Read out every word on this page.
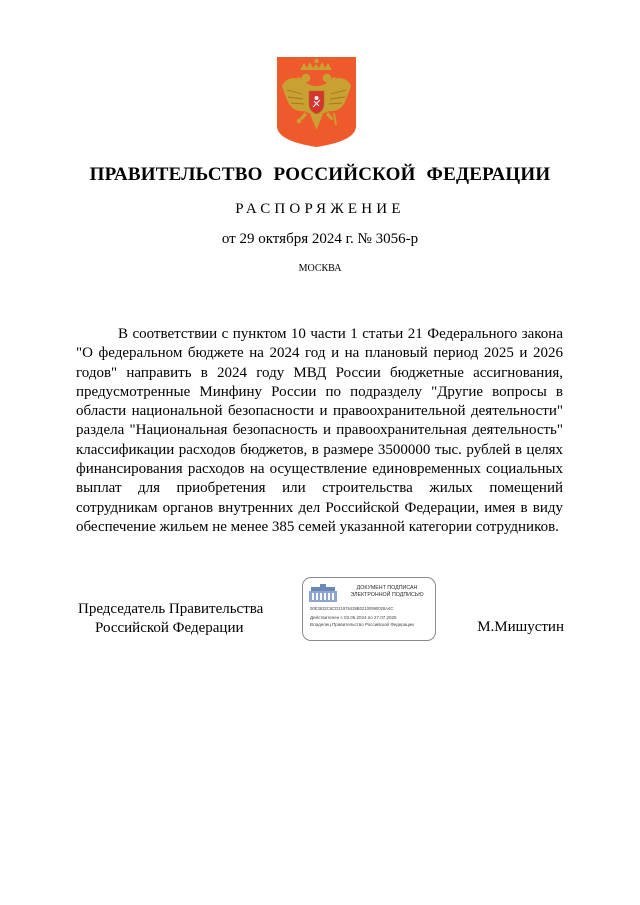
ПРАВИТЕЛЬСТВО РОССИЙСКОЙ ФЕДЕРАЦИИ
РАСПОРЯЖЕНИЕ
от 29 октября 2024 г. № 3056-р
МОСКВА

В соответствии с пунктом 10 части 1 статьи 21 Федерального закона "О федеральном бюджете на 2024 год и на плановый период 2025 и 2026 годов" направить в 2024 году МВД России бюджетные ассигнования, предусмотренные Минфину России по подразделу "Другие вопросы в области национальной безопасности и правоохранительной деятельности" раздела "Национальная безопасность и правоохранительная деятельность" классификации расходов бюджетов, в размере 3500000 тыс. рублей в целях финансирования расходов на осуществление единовременных социальных выплат для приобретения или строительства жилых помещений сотрудникам органов внутренних дел Российской Федерации, имея в виду обеспечение жильем не менее 385 семей указанной категории сотрудников.

Председатель Правительства
Российской Федерации
ДОКУМЕНТ ПОДПИСАН
ЭЛЕКТРОННОЙ ПОДПИСЬЮ
00E3632C6CD21976439B02100990028A4C
Действителен с 03.05.2024 по 27.07.2025
Владелец Правительство Российской Федерации	М.Мишустин
